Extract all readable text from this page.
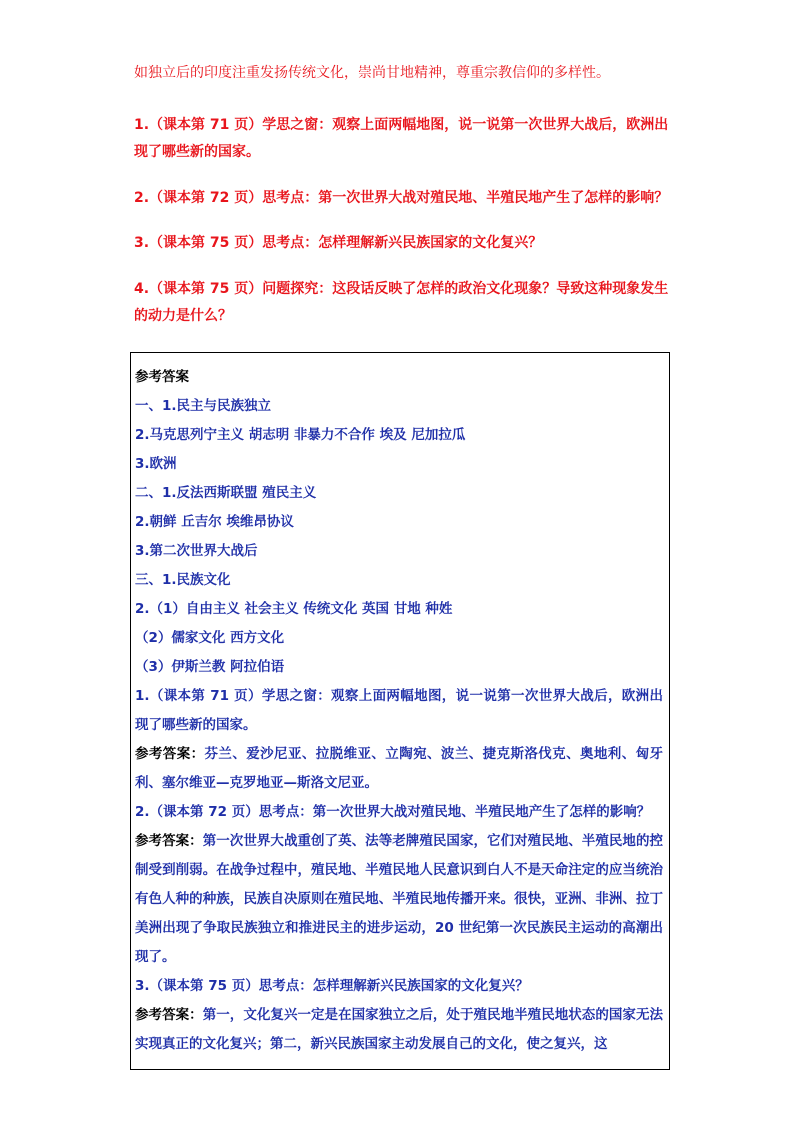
如独立后的印度注重发扬传统文化，崇尚甘地精神，尊重宗教信仰的多样性。
1.（课本第 71 页）学思之窗：观察上面两幅地图，说一说第一次世界大战后，欧洲出现了哪些新的国家。
2.（课本第 72 页）思考点：第一次世界大战对殖民地、半殖民地产生了怎样的影响？
3.（课本第 75 页）思考点：怎样理解新兴民族国家的文化复兴？
4.（课本第 75 页）问题探究：这段话反映了怎样的政治文化现象？导致这种现象发生的动力是什么？
参考答案
一、1.民主与民族独立
2.马克思列宁主义 胡志明 非暴力不合作 埃及 尼加拉瓜
3.欧洲
二、1.反法西斯联盟 殖民主义
2.朝鲜 丘吉尔 埃维昂协议
3.第二次世界大战后
三、1.民族文化
2.（1）自由主义 社会主义 传统文化 英国 甘地 种姓
（2）儒家文化 西方文化
（3）伊斯兰教 阿拉伯语
1.（课本第 71 页）学思之窗：观察上面两幅地图，说一说第一次世界大战后，欧洲出现了哪些新的国家。
参考答案：芬兰、爱沙尼亚、拉脱维亚、立陶宛、波兰、捷克斯洛伐克、奥地利、匈牙利、塞尔维亚—克罗地亚—斯洛文尼亚。
2.（课本第 72 页）思考点：第一次世界大战对殖民地、半殖民地产生了怎样的影响？
参考答案：第一次世界大战重创了英、法等老牌殖民国家，它们对殖民地、半殖民地的控制受到削弱。在战争过程中，殖民地、半殖民地人民意识到白人不是天命注定的应当统治有色人种的种族，民族自决原则在殖民地、半殖民地传播开来。很快，亚洲、非洲、拉丁美洲出现了争取民族独立和推进民主的进步运动，20 世纪第一次民族民主运动的高潮出现了。
3.（课本第 75 页）思考点：怎样理解新兴民族国家的文化复兴？
参考答案：第一，文化复兴一定是在国家独立之后，处于殖民地半殖民地状态的国家无法实现真正的文化复兴；第二，新兴民族国家主动发展自己的文化，使之复兴，这
